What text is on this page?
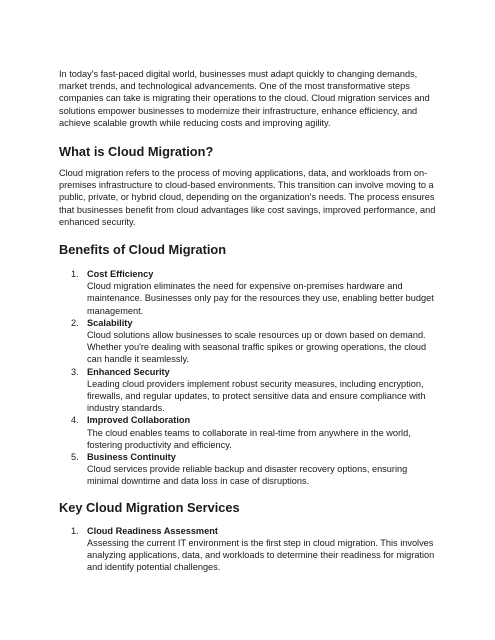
In today's fast-paced digital world, businesses must adapt quickly to changing demands, market trends, and technological advancements. One of the most transformative steps companies can take is migrating their operations to the cloud. Cloud migration services and solutions empower businesses to modernize their infrastructure, enhance efficiency, and achieve scalable growth while reducing costs and improving agility.

What is Cloud Migration?

Cloud migration refers to the process of moving applications, data, and workloads from on-premises infrastructure to cloud-based environments. This transition can involve moving to a public, private, or hybrid cloud, depending on the organization's needs. The process ensures that businesses benefit from cloud advantages like cost savings, improved performance, and enhanced security.

Benefits of Cloud Migration
1. Cost Efficiency
Cloud migration eliminates the need for expensive on-premises hardware and maintenance. Businesses only pay for the resources they use, enabling better budget management.
2. Scalability
Cloud solutions allow businesses to scale resources up or down based on demand. Whether you're dealing with seasonal traffic spikes or growing operations, the cloud can handle it seamlessly.
3. Enhanced Security
Leading cloud providers implement robust security measures, including encryption, firewalls, and regular updates, to protect sensitive data and ensure compliance with industry standards.
4. Improved Collaboration
The cloud enables teams to collaborate in real-time from anywhere in the world, fostering productivity and efficiency.
5. Business Continuity
Cloud services provide reliable backup and disaster recovery options, ensuring minimal downtime and data loss in case of disruptions.
Key Cloud Migration Services
1. Cloud Readiness Assessment
Assessing the current IT environment is the first step in cloud migration. This involves analyzing applications, data, and workloads to determine their readiness for migration and identify potential challenges.
